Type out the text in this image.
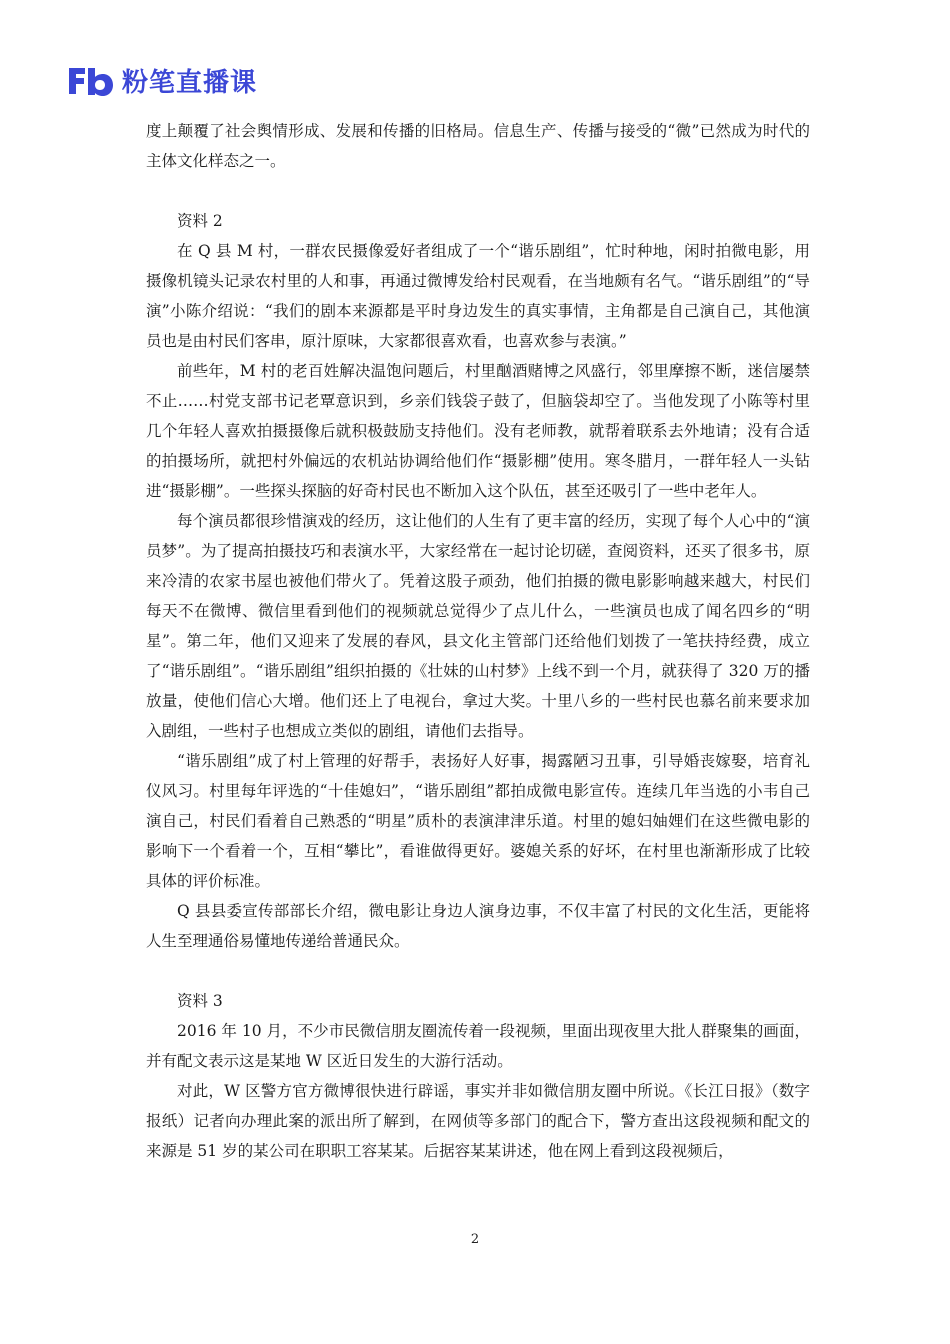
粉笔直播课

度上颠覆了社会舆情形成、发展和传播的旧格局。信息生产、传播与接受的“微”已然成为时代的主体文化样态之一。

资料 2

在 Q 县 M 村，一群农民摄像爱好者组成了一个“谐乐剧组”，忙时种地，闲时拍微电影，用摄像机镜头记录农村里的人和事，再通过微博发给村民观看，在当地颇有名气。“谐乐剧组”的“导演”小陈介绍说：“我们的剧本来源都是平时身边发生的真实事情，主角都是自己演自己，其他演员也是由村民们客串，原汁原味，大家都很喜欢看，也喜欢参与表演。”

前些年，M 村的老百姓解决温饱问题后，村里酗酒赌博之风盛行，邻里摩擦不断，迷信屡禁不止……村党支部书记老覃意识到，乡亲们钱袋子鼓了，但脑袋却空了。当他发现了小陈等村里几个年轻人喜欢拍摄摄像后就积极鼓励支持他们。没有老师教，就帮着联系去外地请；没有合适的拍摄场所，就把村外偏远的农机站协调给他们作“摄影棚”使用。寒冬腊月，一群年轻人一头钻进“摄影棚”。一些探头探脑的好奇村民也不断加入这个队伍，甚至还吸引了一些中老年人。

每个演员都很珍惜演戏的经历，这让他们的人生有了更丰富的经历，实现了每个人心中的“演员梦”。为了提高拍摄技巧和表演水平，大家经常在一起讨论切磋，查阅资料，还买了很多书，原来冷清的农家书屋也被他们带火了。凭着这股子顽劲，他们拍摄的微电影影响越来越大，村民们每天不在微博、微信里看到他们的视频就总觉得少了点儿什么，一些演员也成了闻名四乡的“明星”。第二年，他们又迎来了发展的春风，县文化主管部门还给他们划拨了一笔扶持经费，成立了“谐乐剧组”。“谐乐剧组”组织拍摄的《壮妹的山村梦》上线不到一个月，就获得了 320 万的播放量，使他们信心大增。他们还上了电视台，拿过大奖。十里八乡的一些村民也慕名前来要求加入剧组，一些村子也想成立类似的剧组，请他们去指导。

“谐乐剧组”成了村上管理的好帮手，表扬好人好事，揭露陋习丑事，引导婚丧嫁娶，培育礼仪风习。村里每年评选的“十佳媳妇”，“谐乐剧组”都拍成微电影宣传。连续几年当选的小韦自己演自己，村民们看着自己熟悉的“明星”质朴的表演津津乐道。村里的媳妇妯娌们在这些微电影的影响下一个看着一个，互相“攀比”，看谁做得更好。婆媳关系的好坏，在村里也渐渐形成了比较具体的评价标准。

Q 县县委宣传部部长介绍，微电影让身边人演身边事，不仅丰富了村民的文化生活，更能将人生至理通俗易懂地传递给普通民众。

资料 3

2016 年 10 月，不少市民微信朋友圈流传着一段视频，里面出现夜里大批人群聚集的画面，并有配文表示这是某地 W 区近日发生的大游行活动。

对此，W 区警方官方微博很快进行辟谣，事实并非如微信朋友圈中所说。《长江日报》（数字报纸）记者向办理此案的派出所了解到，在网侦等多部门的配合下，警方查出这段视频和配文的来源是 51 岁的某公司在职职工容某某。后据容某某讲述，他在网上看到这段视频后，

2
